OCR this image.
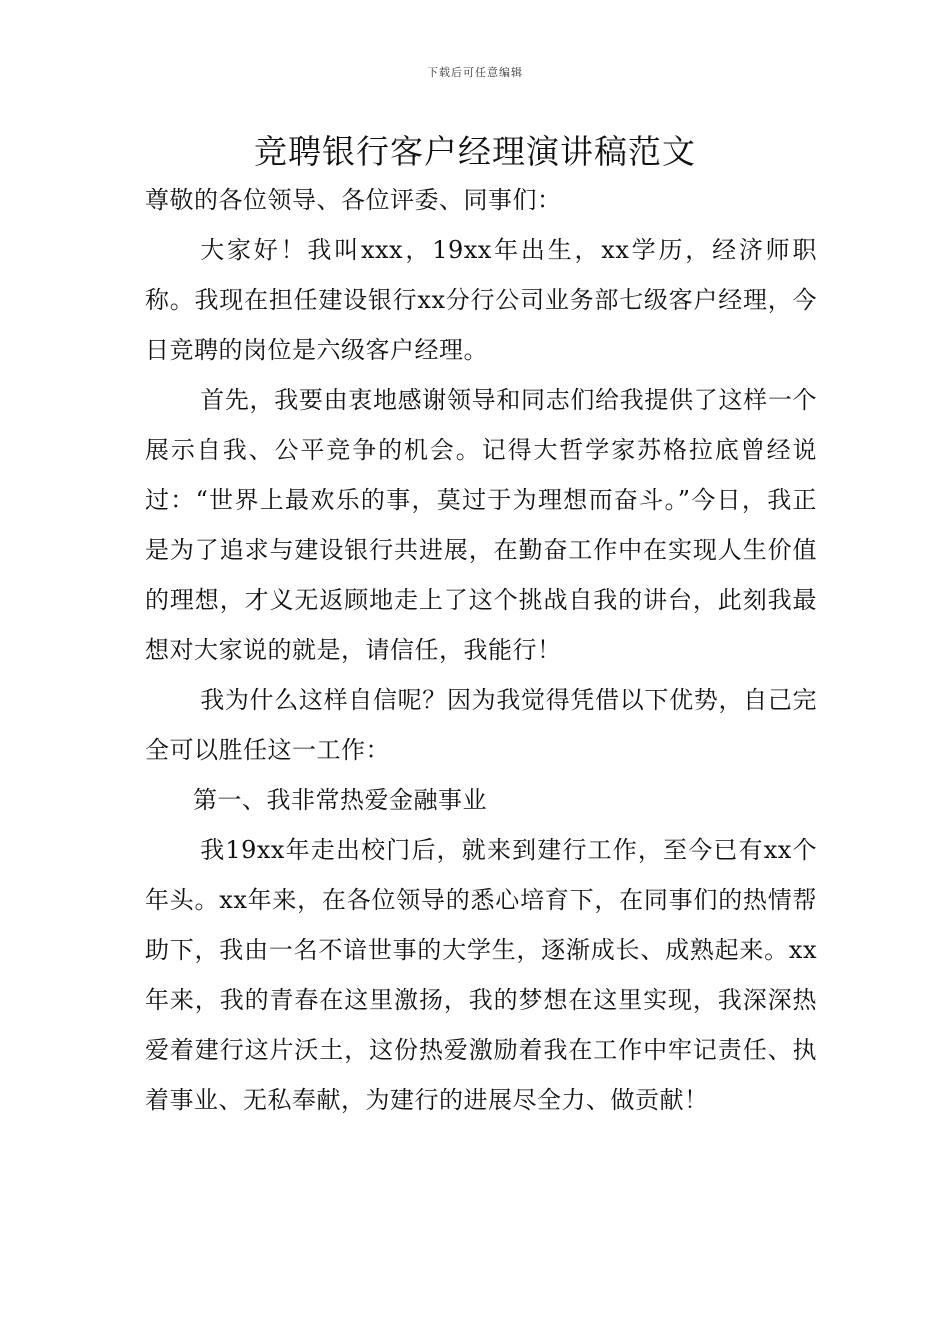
下载后可任意编辑
竞聘银行客户经理演讲稿范文

尊敬的各位领导、各位评委、同事们：

大家好！我叫xxx，19xx年出生，xx学历，经济师职称。我现在担任建设银行xx分行公司业务部七级客户经理，今日竞聘的岗位是六级客户经理。

首先，我要由衷地感谢领导和同志们给我提供了这样一个展示自我、公平竞争的机会。记得大哲学家苏格拉底曾经说过：“世界上最欢乐的事，莫过于为理想而奋斗。”今日，我正是为了追求与建设银行共进展，在勤奋工作中在实现人生价值的理想，才义无返顾地走上了这个挑战自我的讲台，此刻我最想对大家说的就是，请信任，我能行！

我为什么这样自信呢？因为我觉得凭借以下优势，自己完全可以胜任这一工作：

第一、我非常热爱金融事业

我19xx年走出校门后，就来到建行工作，至今已有xx个年头。xx年来，在各位领导的悉心培育下，在同事们的热情帮助下，我由一名不谙世事的大学生，逐渐成长、成熟起来。xx年来，我的青春在这里激扬，我的梦想在这里实现，我深深热爱着建行这片沃土，这份热爱激励着我在工作中牢记责任、执着事业、无私奉献，为建行的进展尽全力、做贡献！
